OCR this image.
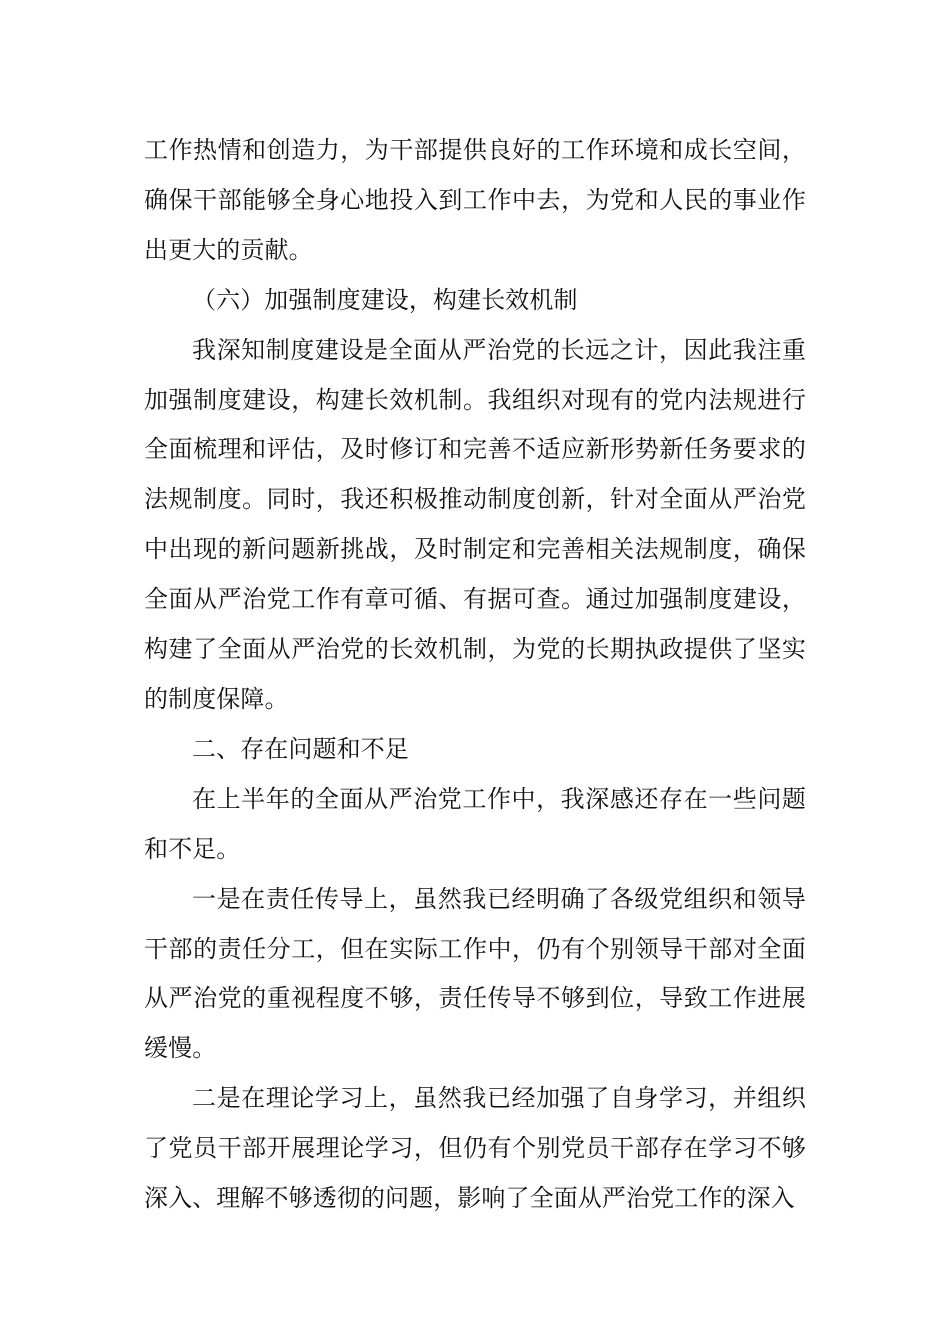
工作热情和创造力，为干部提供良好的工作环境和成长空间，确保干部能够全身心地投入到工作中去，为党和人民的事业作出更大的贡献。

（六）加强制度建设，构建长效机制

我深知制度建设是全面从严治党的长远之计，因此我注重加强制度建设，构建长效机制。我组织对现有的党内法规进行全面梳理和评估，及时修订和完善不适应新形势新任务要求的法规制度。同时，我还积极推动制度创新，针对全面从严治党中出现的新问题新挑战，及时制定和完善相关法规制度，确保全面从严治党工作有章可循、有据可查。通过加强制度建设，构建了全面从严治党的长效机制，为党的长期执政提供了坚实的制度保障。

二、存在问题和不足

在上半年的全面从严治党工作中，我深感还存在一些问题和不足。

一是在责任传导上，虽然我已经明确了各级党组织和领导干部的责任分工，但在实际工作中，仍有个别领导干部对全面从严治党的重视程度不够，责任传导不够到位，导致工作进展缓慢。

二是在理论学习上，虽然我已经加强了自身学习，并组织了党员干部开展理论学习，但仍有个别党员干部存在学习不够深入、理解不够透彻的问题，影响了全面从严治党工作的深入
